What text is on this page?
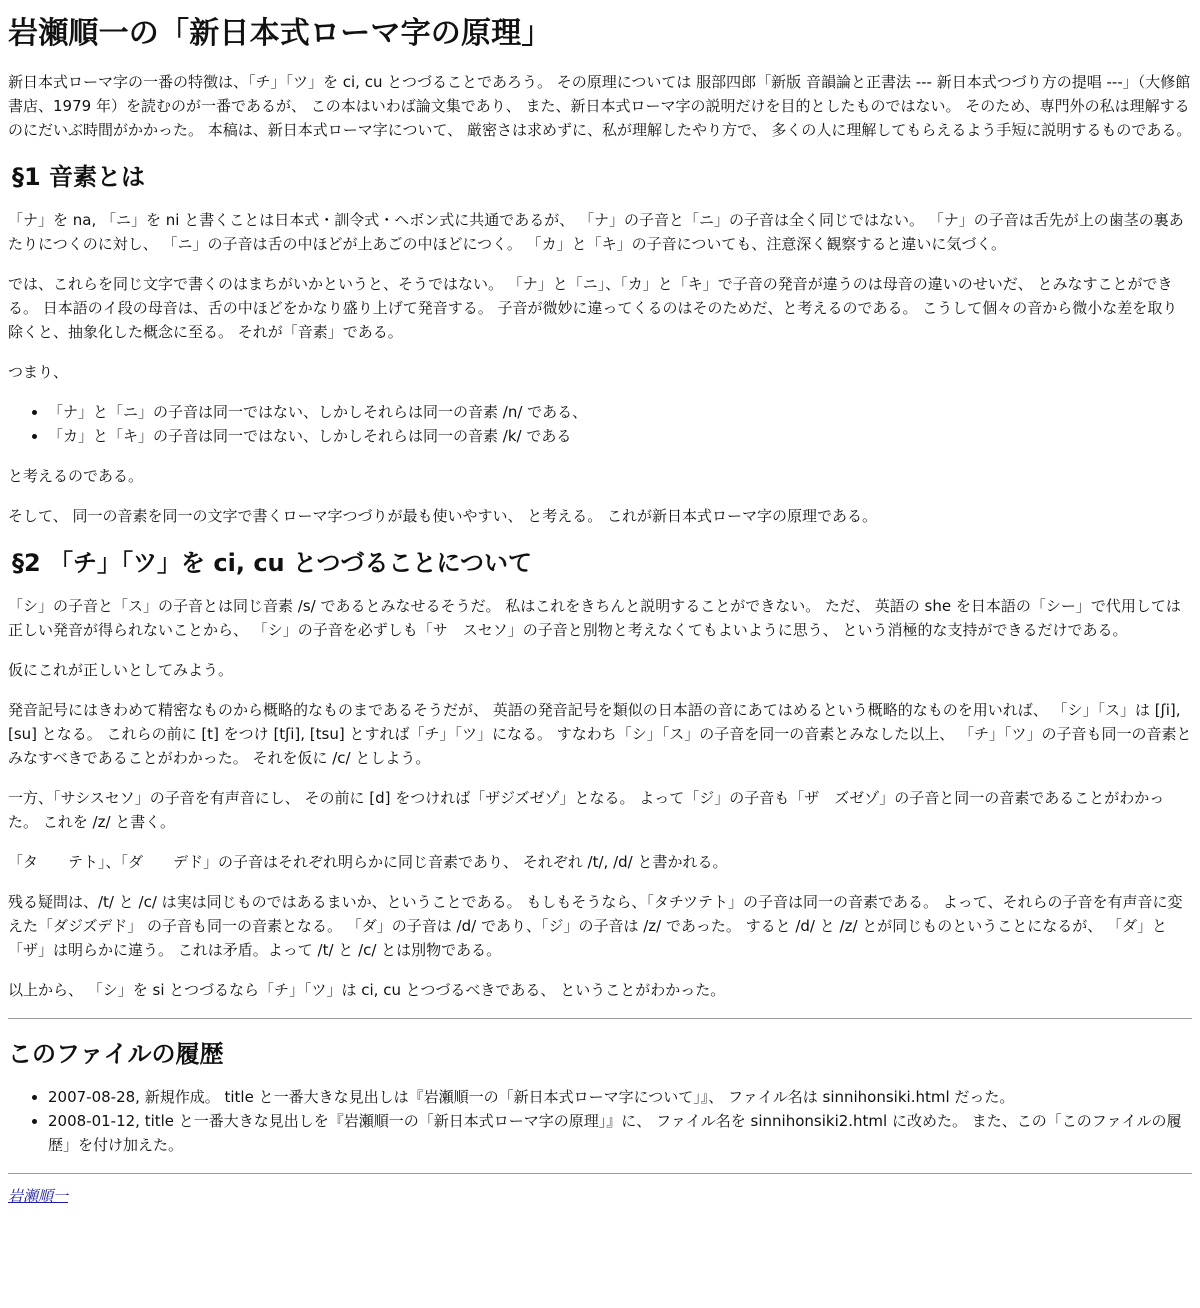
岩瀬順一の「新日本式ローマ字の原理」

新日本式ローマ字の一番の特徴は、「チ」「ツ」を ci, cu とつづることであろう。 その原理については 服部四郎「新版 音韻論と正書法 --- 新日本式つづり方の提唱 ---」（大修館書店、1979 年）を読むのが一番であるが、 この本はいわば論文集であり、 また、新日本式ローマ字の説明だけを目的としたものではない。 そのため、専門外の私は理解するのにだいぶ時間がかかった。 本稿は、新日本式ローマ字について、 厳密さは求めずに、私が理解したやり方で、 多くの人に理解してもらえるよう手短に説明するものである。

§1 音素とは

「ナ」を na, 「ニ」を ni と書くことは日本式・訓令式・ヘボン式に共通であるが、 「ナ」の子音と「ニ」の子音は全く同じではない。 「ナ」の子音は舌先が上の歯茎の裏あたりにつくのに対し、 「ニ」の子音は舌の中ほどが上あごの中ほどにつく。 「カ」と「キ」の子音についても、注意深く観察すると違いに気づく。

では、これらを同じ文字で書くのはまちがいかというと、そうではない。 「ナ」と「ニ」、「カ」と「キ」で子音の発音が違うのは母音の違いのせいだ、 とみなすことができる。 日本語のイ段の母音は、舌の中ほどをかなり盛り上げて発音する。 子音が微妙に違ってくるのはそのためだ、と考えるのである。 こうして個々の音から微小な差を取り除くと、抽象化した概念に至る。 それが「音素」である。

つまり、

• 「ナ」と「ニ」の子音は同一ではない、しかしそれらは同一の音素 /n/ である、
• 「カ」と「キ」の子音は同一ではない、しかしそれらは同一の音素 /k/ である

と考えるのである。

そして、 同一の音素を同一の文字で書くローマ字つづりが最も使いやすい、 と考える。 これが新日本式ローマ字の原理である。

§2 「チ」「ツ」を ci, cu とつづることについて

「シ」の子音と「ス」の子音とは同じ音素 /s/ であるとみなせるそうだ。 私はこれをきちんと説明することができない。 ただ、 英語の she を日本語の「シー」で代用しては正しい発音が得られないことから、 「シ」の子音を必ずしも「サ　スセソ」の子音と別物と考えなくてもよいように思う、 という消極的な支持ができるだけである。

仮にこれが正しいとしてみよう。

発音記号にはきわめて精密なものから概略的なものまであるそうだが、 英語の発音記号を類似の日本語の音にあてはめるという概略的なものを用いれば、 「シ」「ス」は [ʃi], [su] となる。 これらの前に [t] をつけ [tʃi], [tsu] とすれば「チ」「ツ」になる。 すなわち「シ」「ス」の子音を同一の音素とみなした以上、 「チ」「ツ」の子音も同一の音素とみなすべきであることがわかった。 それを仮に /c/ としよう。

一方、「サシスセソ」の子音を有声音にし、 その前に [d] をつければ「ザジズゼゾ」となる。 よって「ジ」の子音も「ザ　ズゼゾ」の子音と同一の音素であることがわかった。 これを /z/ と書く。

「タ　　テト」、「ダ　　デド」の子音はそれぞれ明らかに同じ音素であり、 それぞれ /t/, /d/ と書かれる。

残る疑問は、/t/ と /c/ は実は同じものではあるまいか、ということである。 もしもそうなら、「タチツテト」の子音は同一の音素である。 よって、それらの子音を有声音に変えた「ダジズデド」 の子音も同一の音素となる。 「ダ」の子音は /d/ であり、「ジ」の子音は /z/ であった。 すると /d/ と /z/ とが同じものということになるが、 「ダ」と「ザ」は明らかに違う。 これは矛盾。よって /t/ と /c/ とは別物である。

以上から、 「シ」を si とつづるなら「チ」「ツ」は ci, cu とつづるべきである、 ということがわかった。

このファイルの履歴
• 2007-08-28, 新規作成。 title と一番大きな見出しは『岩瀬順一の「新日本式ローマ字について」』、 ファイル名は sinnihonsiki.html だった。
• 2008-01-12, title と一番大きな見出しを『岩瀬順一の「新日本式ローマ字の原理」』に、 ファイル名を sinnihonsiki2.html に改めた。 また、この「このファイルの履歴」を付け加えた。
岩瀬順一
